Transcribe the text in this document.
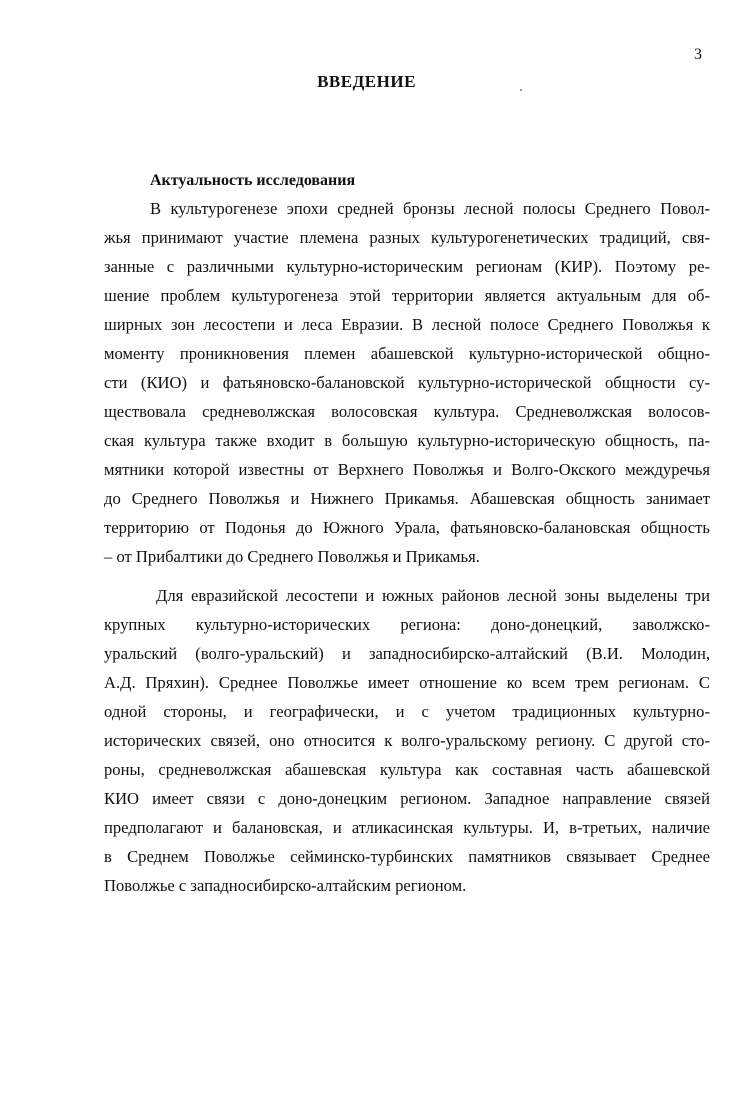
3
ВВЕДЕНИЕ
Актуальность исследования
В культурогенезе эпохи средней бронзы лесной полосы Среднего Повол-
жья принимают участие племена разных культурогенетических традиций, свя-
занные с различными культурно-историческим регионам (КИР). Поэтому ре-
шение проблем культурогенеза этой территории является актуальным для об-
ширных зон лесостепи и леса Евразии. В лесной полосе Среднего Поволжья к
моменту проникновения племен абашевской культурно-исторической общно-
сти (КИО) и фатьяновско-балановской культурно-исторической общности су-
ществовала средневолжская волосовская культура. Средневолжская волосов-
ская культура также входит в большую культурно-историческую общность, па-
мятники которой известны от Верхнего Поволжья и Волго-Окского междуречья
до Среднего Поволжья и Нижнего Прикамья. Абашевская общность занимает
территорию от Подонья до Южного Урала, фатьяновско-балановская общность
– от Прибалтики до Среднего Поволжья и Прикамья.
Для евразийской лесостепи и южных районов лесной зоны выделены три
крупных культурно-исторических региона: доно-донецкий, заволжско-
уральский (волго-уральский) и западносибирско-алтайский (В.И. Молодин,
А.Д. Пряхин). Среднее Поволжье имеет отношение ко всем трем регионам. С
одной стороны, и географически, и с учетом традиционных культурно-
исторических связей, оно относится к волго-уральскому региону. С другой сто-
роны, средневолжская абашевская культура как составная часть абашевской
КИО имеет связи с доно-донецким регионом. Западное направление связей
предполагают и балановская, и атликасинская культуры. И, в-третьих, наличие
в Среднем Поволжье сейминско-турбинских памятников связывает Среднее
Поволжье с западносибирско-алтайским регионом.
